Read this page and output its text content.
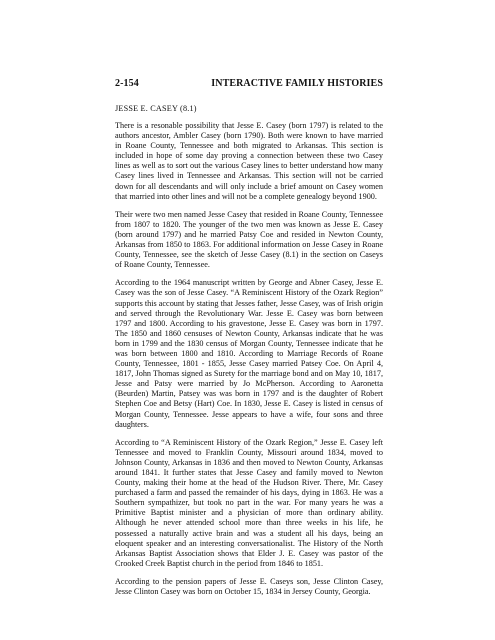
2-154	INTERACTIVE FAMILY HISTORIES
JESSE E. CASEY (8.1)

There is a resonable possibility that Jesse E. Casey (born 1797) is related to the authors ancestor, Ambler Casey (born 1790). Both were known to have married in Roane County, Tennessee and both migrated to Arkansas. This section is included in hope of some day proving a connection between these two Casey lines as well as to sort out the various Casey lines to better understand how many Casey lines lived in Tennessee and Arkansas. This section will not be carried down for all descendants and will only include a brief amount on Casey women that married into other lines and will not be a complete genealogy beyond 1900.

Their were two men named Jesse Casey that resided in Roane County, Tennessee from 1807 to 1820. The younger of the two men was known as Jesse E. Casey (born around 1797) and he married Patsy Coe and resided in Newton County, Arkansas from 1850 to 1863. For additional information on Jesse Casey in Roane County, Tennessee, see the sketch of Jesse Casey (8.1) in the section on Caseys of Roane County, Tennessee.

According to the 1964 manuscript written by George and Abner Casey, Jesse E. Casey was the son of Jesse Casey. “A Reminiscent History of the Ozark Region” supports this account by stating that Jesses father, Jesse Casey, was of Irish origin and served through the Revolutionary War. Jesse E. Casey was born between 1797 and 1800. According to his gravestone, Jesse E. Casey was born in 1797. The 1850 and 1860 censuses of Newton County, Arkansas indicate that he was born in 1799 and the 1830 census of Morgan County, Tennessee indicate that he was born between 1800 and 1810. According to Marriage Records of Roane County, Tennessee, 1801 - 1855, Jesse Casey married Patsey Coe. On April 4, 1817, John Thomas signed as Surety for the marriage bond and on May 10, 1817, Jesse and Patsy were married by Jo McPherson. According to Aaronetta (Beurden) Martin, Patsey was was born in 1797 and is the daughter of Robert Stephen Coe and Betsy (Hart) Coe. In 1830, Jesse E. Casey is listed in census of Morgan County, Tennessee. Jesse appears to have a wife, four sons and three daughters.

According to “A Reminiscent History of the Ozark Region,” Jesse E. Casey left Tennessee and moved to Franklin County, Missouri around 1834, moved to Johnson County, Arkansas in 1836 and then moved to Newton County, Arkansas around 1841. It further states that Jesse Casey and family moved to Newton County, making their home at the head of the Hudson River. There, Mr. Casey purchased a farm and passed the remainder of his days, dying in 1863. He was a Southern sympathizer, but took no part in the war. For many years he was a Primitive Baptist minister and a physician of more than ordinary ability. Although he never attended school more than three weeks in his life, he possessed a naturally active brain and was a student all his days, being an eloquent speaker and an interesting conversationalist. The History of the North Arkansas Baptist Association shows that Elder J. E. Casey was pastor of the Crooked Creek Baptist church in the period from 1846 to 1851.

According to the pension papers of Jesse E. Caseys son, Jesse Clinton Casey, Jesse Clinton Casey was born on October 15, 1834 in Jersey County, Georgia.
